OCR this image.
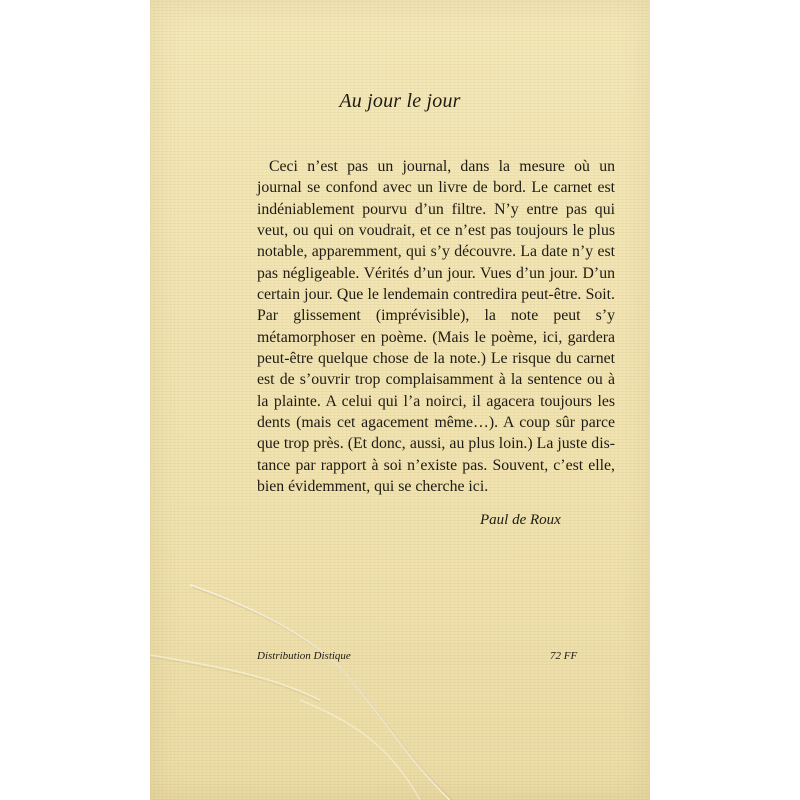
Au jour le jour

Ceci n’est pas un journal, dans la mesure où un journal se confond avec un livre de bord. Le carnet est indéniablement pourvu d’un filtre. N’y entre pas qui veut, ou qui on voudrait, et ce n’est pas toujours le plus notable, apparemment, qui s’y découvre. La date n’y est pas négligeable. Vérités d’un jour. Vues d’un jour. D’un certain jour. Que le lendemain contredira peut-être. Soit. Par glissement (imprévisible), la note peut s’y métamorphoser en poème. (Mais le poème, ici, gardera peut-être quelque chose de la note.) Le risque du carnet est de s’ouvrir trop complaisamment à la sentence ou à la plainte. A celui qui l’a noirci, il agacera toujours les dents (mais cet agacement même…). A coup sûr parce que trop près. (Et donc, aussi, au plus loin.) La juste distance par rapport à soi n’existe pas. Souvent, c’est elle, bien évidemment, qui se cherche ici.

Paul de Roux
Distribution Distique	72 FF
